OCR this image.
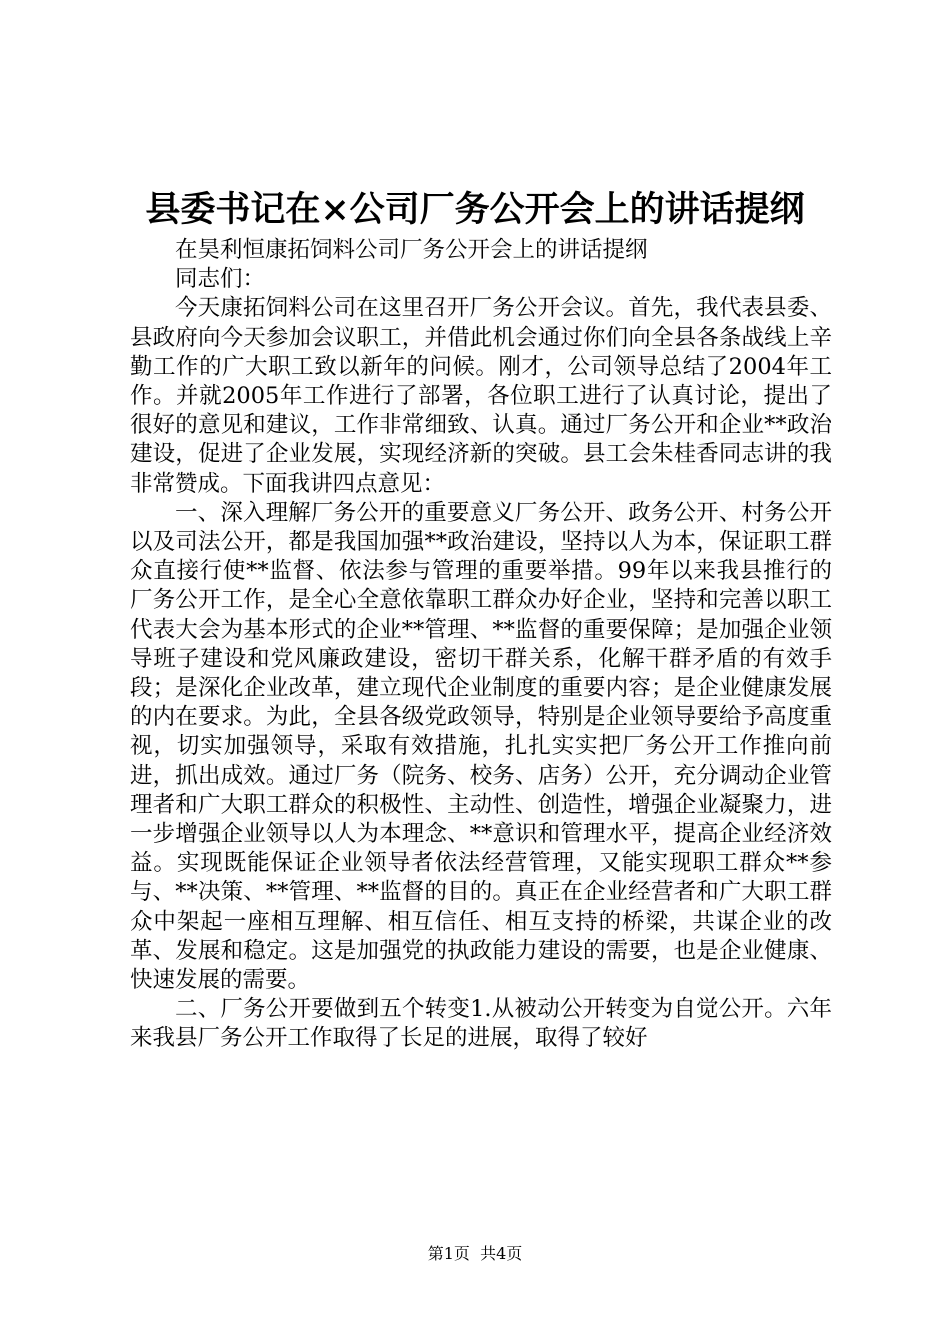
县委书记在×公司厂务公开会上的讲话提纲

在昊利恒康拓饲料公司厂务公开会上的讲话提纲

同志们：

今天康拓饲料公司在这里召开厂务公开会议。首先，我代表县委、县政府向今天参加会议职工，并借此机会通过你们向全县各条战线上辛勤工作的广大职工致以新年的问候。刚才，公司领导总结了2004年工作。并就2005年工作进行了部署，各位职工进行了认真讨论，提出了很好的意见和建议，工作非常细致、认真。通过厂务公开和企业**政治建设，促进了企业发展，实现经济新的突破。县工会朱桂香同志讲的我非常赞成。下面我讲四点意见：

一、深入理解厂务公开的重要意义厂务公开、政务公开、村务公开以及司法公开，都是我国加强**政治建设，坚持以人为本，保证职工群众直接行使**监督、依法参与管理的重要举措。99年以来我县推行的厂务公开工作，是全心全意依靠职工群众办好企业，坚持和完善以职工代表大会为基本形式的企业**管理、**监督的重要保障；是加强企业领导班子建设和党风廉政建设，密切干群关系，化解干群矛盾的有效手段；是深化企业改革，建立现代企业制度的重要内容；是企业健康发展的内在要求。为此，全县各级党政领导，特别是企业领导要给予高度重视，切实加强领导，采取有效措施，扎扎实实把厂务公开工作推向前进，抓出成效。通过厂务（院务、校务、店务）公开，充分调动企业管理者和广大职工群众的积极性、主动性、创造性，增强企业凝聚力，进一步增强企业领导以人为本理念、**意识和管理水平，提高企业经济效益。实现既能保证企业领导者依法经营管理，又能实现职工群众**参与、**决策、**管理、**监督的目的。真正在企业经营者和广大职工群众中架起一座相互理解、相互信任、相互支持的桥梁，共谋企业的改革、发展和稳定。这是加强党的执政能力建设的需要，也是企业健康、快速发展的需要。

二、厂务公开要做到五个转变1.从被动公开转变为自觉公开。六年来我县厂务公开工作取得了长足的进展，取得了较好

第1页  共4页
